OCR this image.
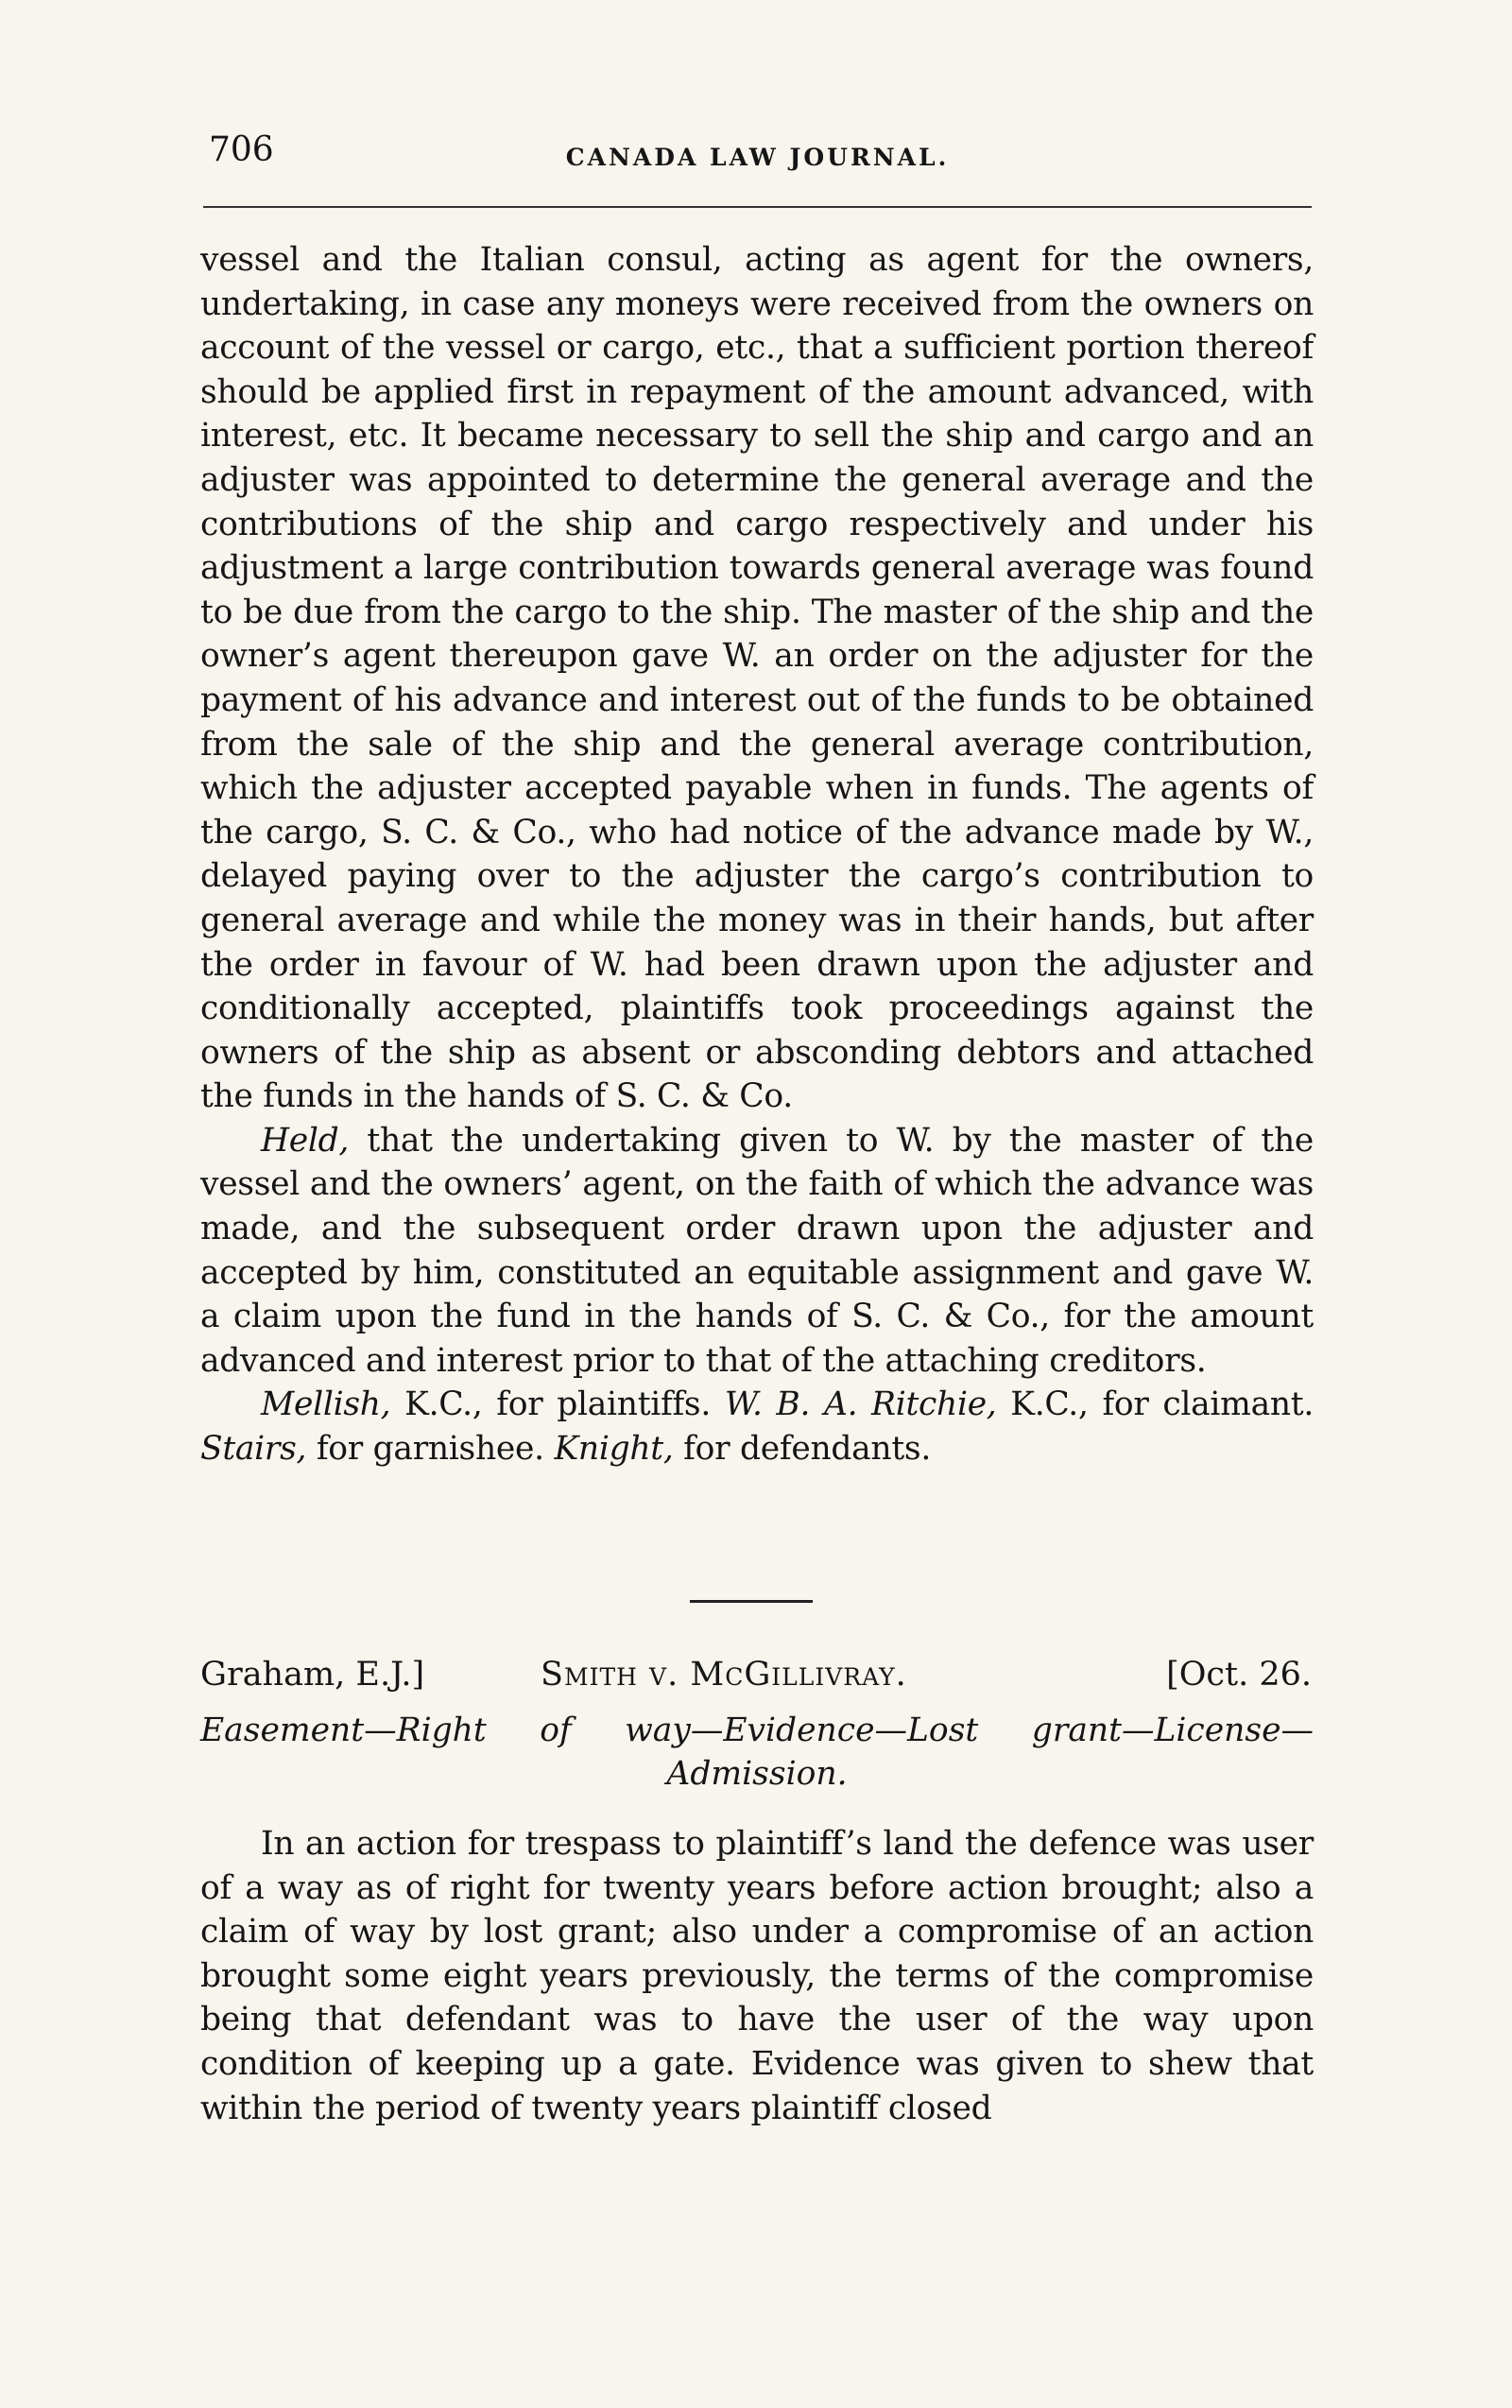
706	CANADA LAW JOURNAL.

vessel and the Italian consul, acting as agent for the owners, undertaking, in case any moneys were received from the owners on account of the vessel or cargo, etc., that a sufficient portion thereof should be applied first in repayment of the amount advanced, with interest, etc. It became necessary to sell the ship and cargo and an adjuster was appointed to determine the general average and the contributions of the ship and cargo respectively and under his adjustment a large contribution towards general average was found to be due from the cargo to the ship. The master of the ship and the owner’s agent thereupon gave W. an order on the adjuster for the payment of his advance and interest out of the funds to be obtained from the sale of the ship and the general average contribution, which the adjuster accepted payable when in funds. The agents of the cargo, S. C. & Co., who had notice of the advance made by W., delayed paying over to the adjuster the cargo’s contribution to general average and while the money was in their hands, but after the order in favour of W. had been drawn upon the adjuster and conditionally accepted, plaintiffs took proceedings against the owners of the ship as absent or absconding debtors and attached the funds in the hands of S. C. & Co.

Held, that the undertaking given to W. by the master of the vessel and the owners’ agent, on the faith of which the advance was made, and the subsequent order drawn upon the adjuster and accepted by him, constituted an equitable assignment and gave W. a claim upon the fund in the hands of S. C. & Co., for the amount advanced and interest prior to that of the attaching creditors.

Mellish, K.C., for plaintiffs. W. B. A. Ritchie, K.C., for claimant. Stairs, for garnishee. Knight, for defendants.

Graham, E.J.]	Smith v. McGillivray.	[Oct. 26.
Easement—Right of way—Evidence—Lost grant—License—Admission.

In an action for trespass to plaintiff’s land the defence was user of a way as of right for twenty years before action brought; also a claim of way by lost grant; also under a compromise of an action brought some eight years previously, the terms of the compromise being that defendant was to have the user of the way upon condition of keeping up a gate. Evidence was given to shew that within the period of twenty years plaintiff closed
